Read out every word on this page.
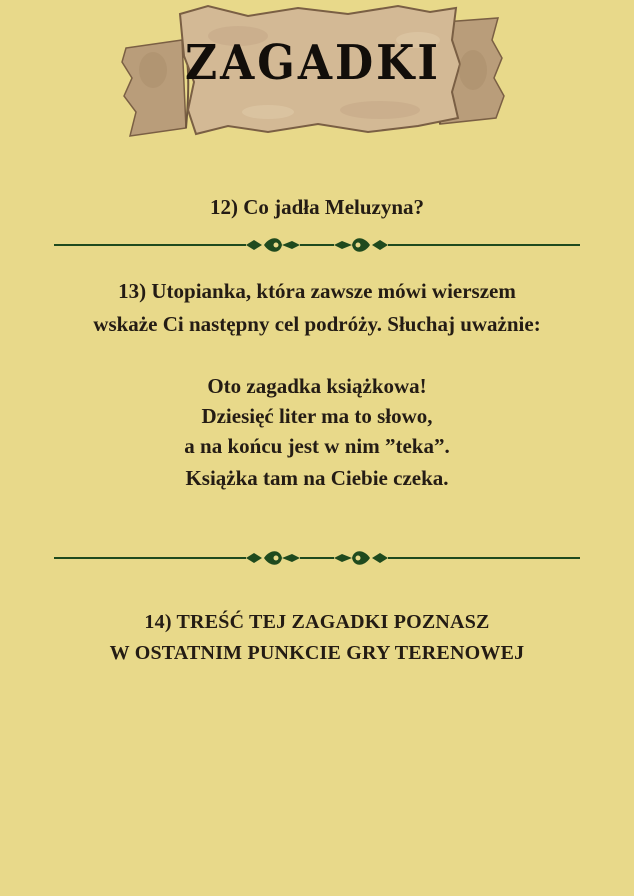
ZAGADKI
12) Co jadła Meluzyna?
13) Utopianka, która zawsze mówi wierszem
wskaże Ci następny cel podróży. Słuchaj uważnie:
Oto zagadka książkowa!
Dziesięć liter ma to słowo,
a na końcu jest w nim ”teka”.
Książka tam na Ciebie czeka.
14) TREŚĆ TEJ ZAGADKI POZNASZ
W OSTATNIM PUNKCIE GRY TERENOWEJ
